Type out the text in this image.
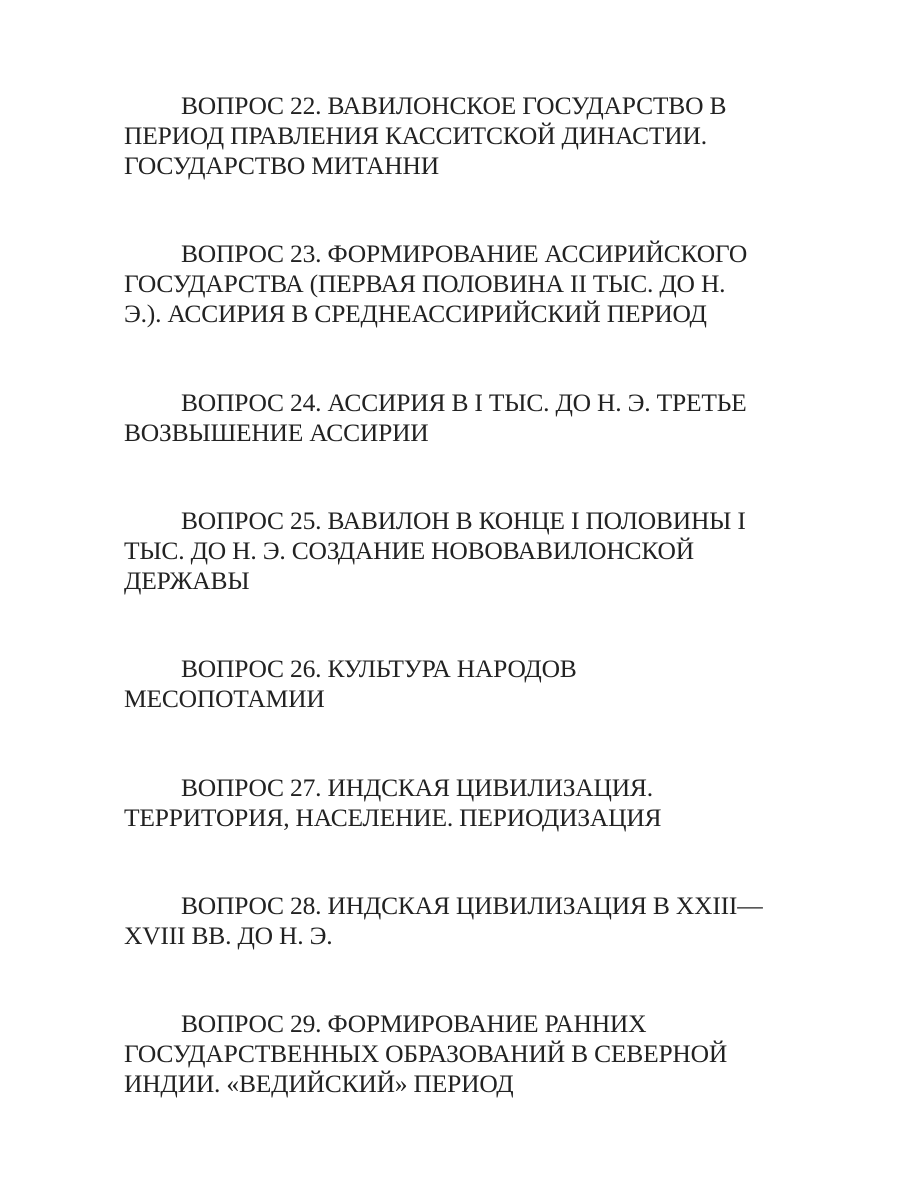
ВОПРОС 22. ВАВИЛОНСКОЕ ГОСУДАРСТВО В
ПЕРИОД ПРАВЛЕНИЯ КАССИТСКОЙ ДИНАСТИИ.
ГОСУДАРСТВО МИТАННИ
ВОПРОС 23. ФОРМИРОВАНИЕ АССИРИЙСКОГО
ГОСУДАРСТВА (ПЕРВАЯ ПОЛОВИНА II ТЫС. ДО Н.
Э.). АССИРИЯ В СРЕДНЕАССИРИЙСКИЙ ПЕРИОД
ВОПРОС 24. АССИРИЯ В I ТЫС. ДО Н. Э. ТРЕТЬЕ
ВОЗВЫШЕНИЕ АССИРИИ
ВОПРОС 25. ВАВИЛОН В КОНЦЕ I ПОЛОВИНЫ I
ТЫС. ДО Н. Э. СОЗДАНИЕ НОВОВАВИЛОНСКОЙ
ДЕРЖАВЫ
ВОПРОС 26. КУЛЬТУРА НАРОДОВ
МЕСОПОТАМИИ
ВОПРОС 27. ИНДСКАЯ ЦИВИЛИЗАЦИЯ.
ТЕРРИТОРИЯ, НАСЕЛЕНИЕ. ПЕРИОДИЗАЦИЯ
ВОПРОС 28. ИНДСКАЯ ЦИВИЛИЗАЦИЯ В XXIII—
XVIII ВВ. ДО Н. Э.
ВОПРОС 29. ФОРМИРОВАНИЕ РАННИХ
ГОСУДАРСТВЕННЫХ ОБРАЗОВАНИЙ В СЕВЕРНОЙ
ИНДИИ. «ВЕДИЙСКИЙ» ПЕРИОД
